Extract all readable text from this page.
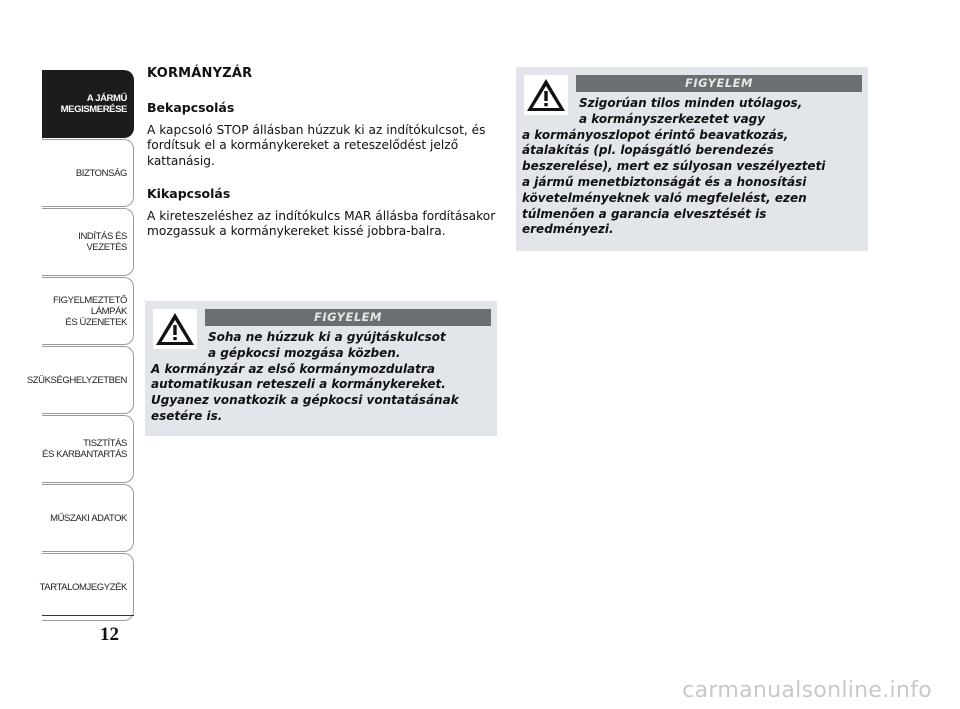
A JÁRMŰ
MEGISMERÉSE
BIZTONSÁG
INDÍTÁS ÉS VEZETÉS
FIGYELMEZTETŐ
LÁMPÁK
ÉS ÜZENETEK
SZÜKSÉGHELYZETBEN
TISZTÍTÁS
ÉS KARBANTARTÁS
MŰSZAKI ADATOK
TARTALOMJEGYZÉK
12
KORMÁNYZÁR
Bekapcsolás

A kapcsoló STOP állásban húzzuk ki az indítókulcsot, és fordítsuk el a kormánykereket a reteszelődést jelző kattanásig.

Kikapcsolás

A kireteszeléshez az indítókulcs MAR állásba fordításakor mozgassuk a kormánykereket kissé jobbra-balra.

FIGYELEM
Soha ne húzzuk ki a gyújtáskulcsot
a gépkocsi mozgása közben.
A kormányzár az első kormánymozdulatra
automatikusan reteszeli a kormánykereket.
Ugyanez vonatkozik a gépkocsi vontatásának
esetére is.
FIGYELEM
Szigorúan tilos minden utólagos,
a kormányszerkezetet vagy
a kormányoszlopot érintő beavatkozás,
átalakítás (pl. lopásgátló berendezés
beszerelése), mert ez súlyosan veszélyezteti
a jármű menetbiztonságát és a honosítási
követelményeknek való megfelelést, ezen
túlmenően a garancia elvesztését is
eredményezi.
carmanualsonline.info
